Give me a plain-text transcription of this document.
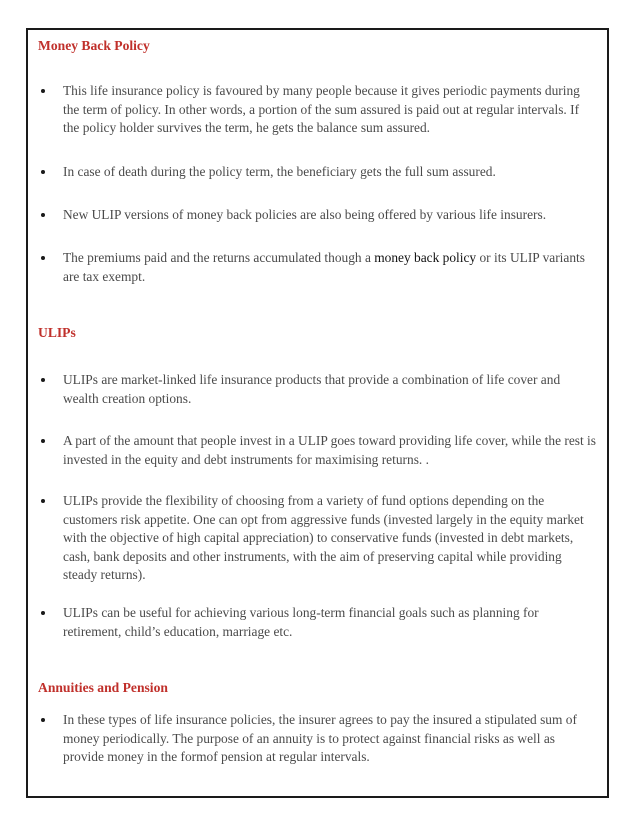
Money Back Policy
This life insurance policy is favoured by many people because it gives periodic payments during the term of policy. In other words, a portion of the sum assured is paid out at regular intervals. If the policy holder survives the term, he gets the balance sum assured.
In case of death during the policy term, the beneficiary gets the full sum assured.
New ULIP versions of money back policies are also being offered by various life insurers.
The premiums paid and the returns accumulated though a money back policy or its ULIP variants are tax exempt.
ULIPs
ULIPs are market-linked life insurance products that provide a combination of life cover and wealth creation options.
A part of the amount that people invest in a ULIP goes toward providing life cover, while the rest is invested in the equity and debt instruments for maximising returns. .
ULIPs provide the flexibility of choosing from a variety of fund options depending on the customers risk appetite. One can opt from aggressive funds (invested largely in the equity market with the objective of high capital appreciation) to conservative funds (invested in debt markets, cash, bank deposits and other instruments, with the aim of preserving capital while providing steady returns).
ULIPs can be useful for achieving various long-term financial goals such as planning for retirement, child’s education, marriage etc.
Annuities and Pension
In these types of life insurance policies, the insurer agrees to pay the insured a stipulated sum of money periodically. The purpose of an annuity is to protect against financial risks as well as provide money in the formof pension at regular intervals.
